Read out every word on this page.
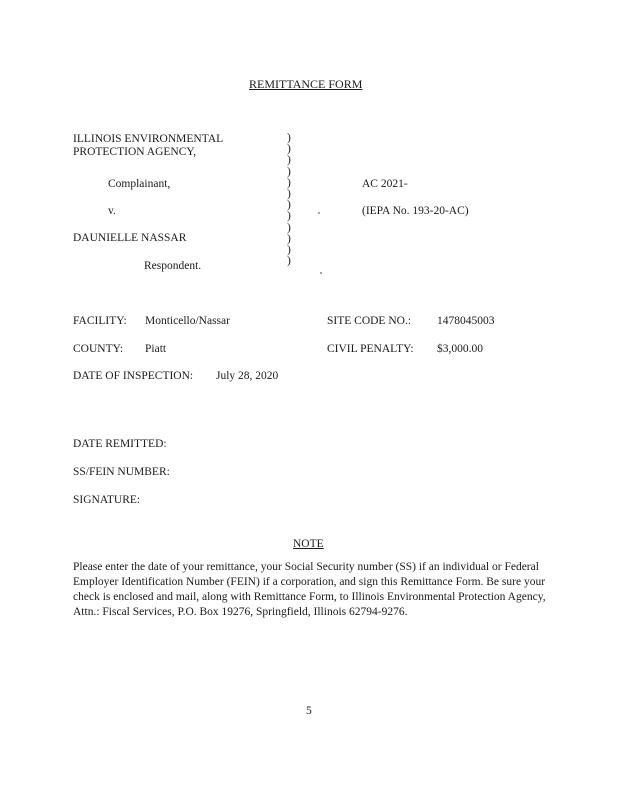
REMITTANCE FORM
ILLINOIS ENVIRONMENTAL
PROTECTION AGENCY,
Complainant,
v.
DAUNIELLE NASSAR
Respondent.
)
)
)
)
)
)
)
)
)
)
)
)
AC 2021-
(IEPA No. 193-20-AC)
FACILITY: Monticello/Nassar	SITE CODE NO.: 1478045003
COUNTY: Piatt	CIVIL PENALTY: $3,000.00
DATE OF INSPECTION: July 28, 2020
DATE REMITTED:
SS/FEIN NUMBER:
SIGNATURE:
NOTE
Please enter the date of your remittance, your Social Security number (SS) if an individual or Federal Employer Identification Number (FEIN) if a corporation, and sign this Remittance Form. Be sure your check is enclosed and mail, along with Remittance Form, to Illinois Environmental Protection Agency, Attn.: Fiscal Services, P.O. Box 19276, Springfield, Illinois 62794-9276.
5
